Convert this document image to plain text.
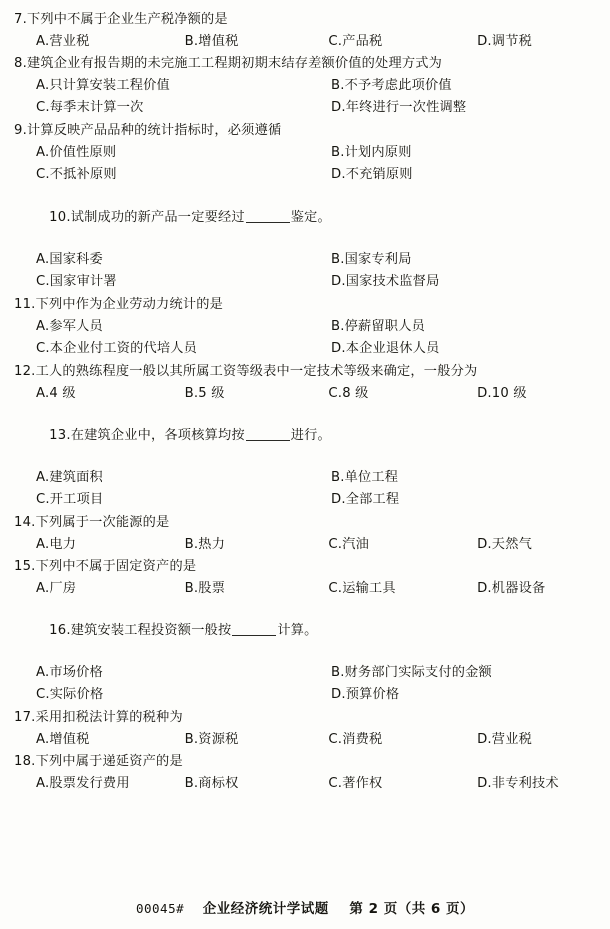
7.下列中不属于企业生产税净额的是
A.营业税	B.增值税	C.产品税	D.调节税
8.建筑企业有报告期的未完施工工程期初期末结存差额价值的处理方式为
A.只计算安装工程价值	B.不予考虑此项价值
C.每季末计算一次	D.年终进行一次性调整
9.计算反映产品品种的统计指标时，必须遵循
A.价值性原则	B.计划内原则
C.不抵补原则	D.不充销原则

10.试制成功的新产品一定要经过	鉴定。

A.国家科委	B.国家专利局
C.国家审计署	D.国家技术监督局
11.下列中作为企业劳动力统计的是
A.参军人员	B.停薪留职人员
C.本企业付工资的代培人员	D.本企业退休人员
12.工人的熟练程度一般以其所属工资等级表中一定技术等级来确定，一般分为
A.4 级	B.5 级	C.8 级	D.10 级

13.在建筑企业中，各项核算均按	进行。

A.建筑面积	B.单位工程
C.开工项目	D.全部工程
14.下列属于一次能源的是
A.电力	B.热力	C.汽油	D.天然气
15.下列中不属于固定资产的是
A.厂房	B.股票	C.运输工具	D.机器设备

16.建筑安装工程投资额一般按	计算。

A.市场价格	B.财务部门实际支付的金额
C.实际价格	D.预算价格
17.采用扣税法计算的税种为
A.增值税	B.资源税	C.消费税	D.营业税
18.下列中属于递延资产的是
A.股票发行费用	B.商标权	C.著作权	D.非专利技术
00045# 企业经济统计学试题 第 2 页（共 6 页）
